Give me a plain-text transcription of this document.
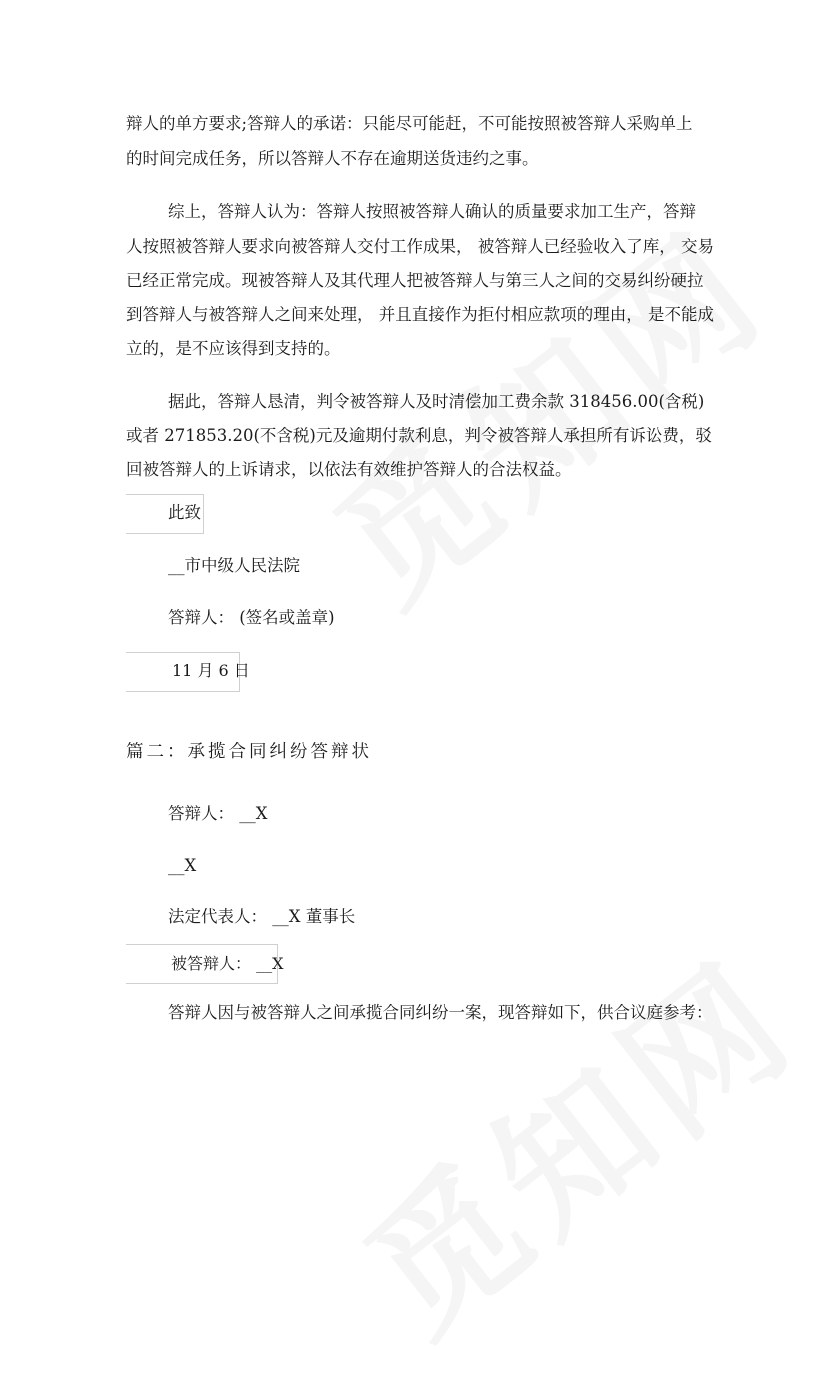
辩人的单方要求;答辩人的承诺：只能尽可能赶，不可能按照被答辩人采购单上
的时间完成任务，所以答辩人不存在逾期送货违约之事。
综上，答辩人认为：答辩人按照被答辩人确认的质量要求加工生产，答辩
人按照被答辩人要求向被答辩人交付工作成果， 被答辩人已经验收入了库， 交易
已经正常完成。现被答辩人及其代理人把被答辩人与第三人之间的交易纠纷硬拉
到答辩人与被答辩人之间来处理， 并且直接作为拒付相应款项的理由， 是不能成
立的，是不应该得到支持的。
据此，答辩人恳清，判令被答辩人及时清偿加工费余款 318456.00(含税)
或者 271853.20(不含税)元及逾期付款利息，判令被答辩人承担所有诉讼费，驳
回被答辩人的上诉请求，以依法有效维护答辩人的合法权益。
此致
__市中级人民法院
答辩人： (签名或盖章)
11 月 6 日
篇二：承揽合同纠纷答辩状
答辩人： __X
__X
法定代表人： __X 董事长
被答辩人： __X
答辩人因与被答辩人之间承揽合同纠纷一案，现答辩如下，供合议庭参考：
